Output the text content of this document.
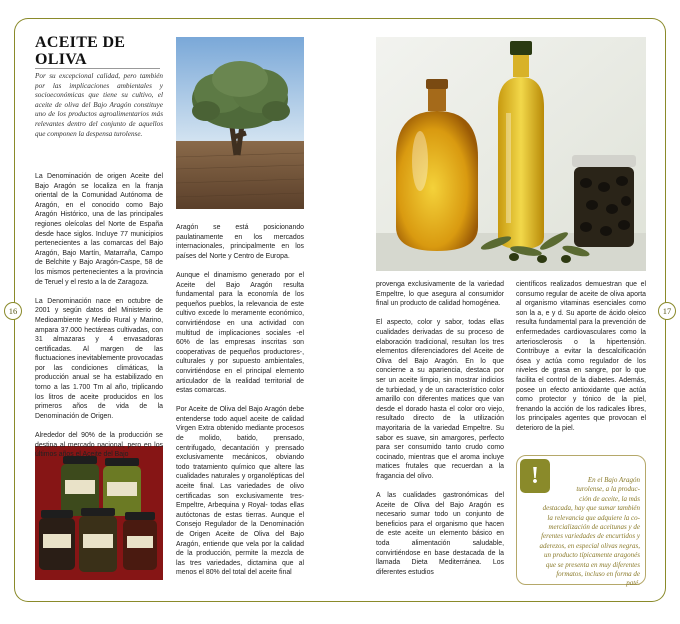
16	17
ACEITE DE
OLIVA
Por su excepcional calidad, pero también por las implicaciones ambientales y socioeconómicas que tiene su cultivo, el aceite de oliva del Bajo Aragón constituye uno de los productos agroalimentarios más relevantes dentro del conjunto de aquellos que componen la despensa turolense.

La Denominación de origen Aceite del Bajo Aragón se localiza en la franja oriental de la Comunidad Autónoma de Aragón, en el conocido como Bajo Aragón Histórico, una de las principales regiones oleícolas del Norte de España desde hace siglos. Incluye 77 municipios pertenecientes a las comarcas del Bajo Aragón, Bajo Martín, Matarraña, Campo de Belchite y Bajo Aragón-Caspe, 58 de los mismos pertenecientes a la provincia de Teruel y el resto a la de Zaragoza.

La Denominación nace en octubre de 2001 y según datos del Ministerio de Medioambiente y Medio Rural y Marino, ampara 37.000 hectáreas cultivadas, con 31 almazaras y 4 envasadoras certificadas. Al margen de las fluctuaciones inevitablemente provocadas por las condiciones climáticas, la producción anual se ha estabilizado en torno a las 1.700 Tm al año, triplicando los litros de aceite producidos en los primeros años de vida de la Denominación de Origen.

Alrededor del 90% de la producción se destina al mercado nacional, pero en los últimos años el Aceite del Bajo

Aragón se está posicionando paulatinamente en los mercados internacionales, principalmente en los países del Norte y Centro de Europa.

Aunque el dinamismo generado por el Aceite del Bajo Aragón resulta fundamental para la economía de los pequeños pueblos, la relevancia de este cultivo excede lo meramente económico, convirtiéndose en una actividad con multitud de implicaciones sociales -el 60% de las empresas inscritas son cooperativas de pequeños productores-, culturales y por supuesto ambientales, convirtiéndose en el principal elemento articulador de la realidad territorial de estas comarcas.

Por Aceite de Oliva del Bajo Aragón debe entenderse todo aquel aceite de calidad Virgen Extra obtenido mediante procesos de molido, batido, prensado, centrifugado, decantación y prensado exclusivamente mecánicos, obviando todo tratamiento químico que altere las cualidades naturales y organolépticas del aceite final. Las variedades de olivo certificadas son exclusivamente tres- Empeltre, Arbequina y Royal- todas ellas autóctonas de estas tierras. Aunque el Consejo Regulador de la Denominación de Origen Aceite de Oliva del Bajo Aragón, entiende que vela por la calidad de la producción, permite la mezcla de las tres variedades, dictamina que al menos el 80% del total del aceite final

provenga exclusivamente de la variedad Empeltre, lo que asegura al consumidor final un producto de calidad homogénea.

El aspecto, color y sabor, todas ellas cualidades derivadas de su proceso de elaboración tradicional, resultan los tres elementos diferenciadores del Aceite de Oliva del Bajo Aragón. En lo que concierne a su apariencia, destaca por ser un aceite limpio, sin mostrar indicios de turbiedad, y de un característico color amarillo con diferentes matices que van desde el dorado hasta el color oro viejo, resultado directo de la utilización mayoritaria de la variedad Empeltre. Su sabor es suave, sin amargores, perfecto para ser consumido tanto crudo como cocinado, mientras que el aroma incluye matices frutales que recuerdan a la fragancia del olivo.

A las cualidades gastronómicas del Aceite de Oliva del Bajo Aragón es necesario sumar todo un conjunto de beneficios para el organismo que hacen de este aceite un elemento básico en toda alimentación saludable, convirtiéndose en base destacada de la llamada Dieta Mediterránea. Los diferentes estudios

científicos realizados demuestran que el consumo regular de aceite de oliva aporta al organismo vitaminas esenciales como son la a, e y d. Su aporte de ácido oleico resulta fundamental para la prevención de enfermedades cardiovasculares como la arteriosclerosis o la hipertensión. Contribuye a evitar la descalcificación ósea y actúa como regulador de los niveles de grasa en sangre, por lo que facilita el control de la diabetes. Además, posee un efecto antioxidante que actúa como protector y tónico de la piel, frenando la acción de los radicales libres, los principales agentes que provocan el deterioro de la piel.

!	En el Bajo Aragón
turolense, a la produc-
ción de aceite, la más
destacada, hay que sumar también
la relevancia que adquiere la co-
mercialización de aceitunas y de
ferentes variedades de encurtidos y
aderezos, en especial olivas negras,
un producto típicamente aragonés
que se presenta en muy diferentes
formatos, incluso en forma de
paté.
